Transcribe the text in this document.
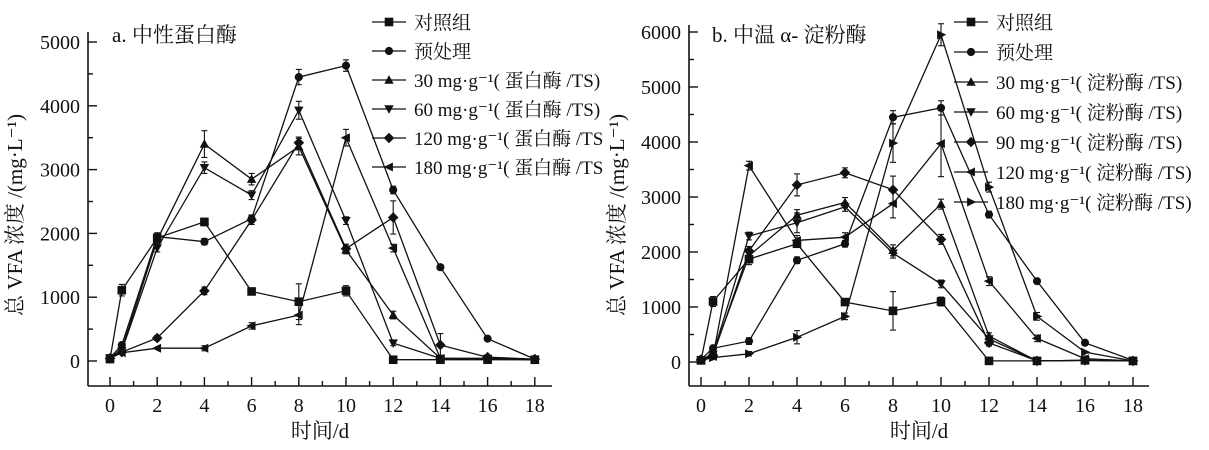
0
1000
2000
3000
4000
5000
0 2 4 6 8 10 12 14 16 18
时间/d
总 VFA 浓度 /(mg·L⁻¹)
a. 中性蛋白酶	对照组
预处理
30 mg·g⁻¹( 蛋白酶 /TS)
60 mg·g⁻¹( 蛋白酶 /TS)
120 mg·g⁻¹( 蛋白酶 /TS)
180 mg·g⁻¹( 蛋白酶 /TS)
0
1000
2000
3000
4000
5000
6000
0 2 4 6 8 10 12 14 16 18
时间/d
总 VFA 浓度 /(mg·L⁻¹)
b. 中温 α- 淀粉酶	对照组
预处理
30 mg·g⁻¹( 淀粉酶 /TS)
60 mg·g⁻¹( 淀粉酶 /TS)
90 mg·g⁻¹( 淀粉酶 /TS)
120 mg·g⁻¹( 淀粉酶 /TS)
180 mg·g⁻¹( 淀粉酶 /TS)
